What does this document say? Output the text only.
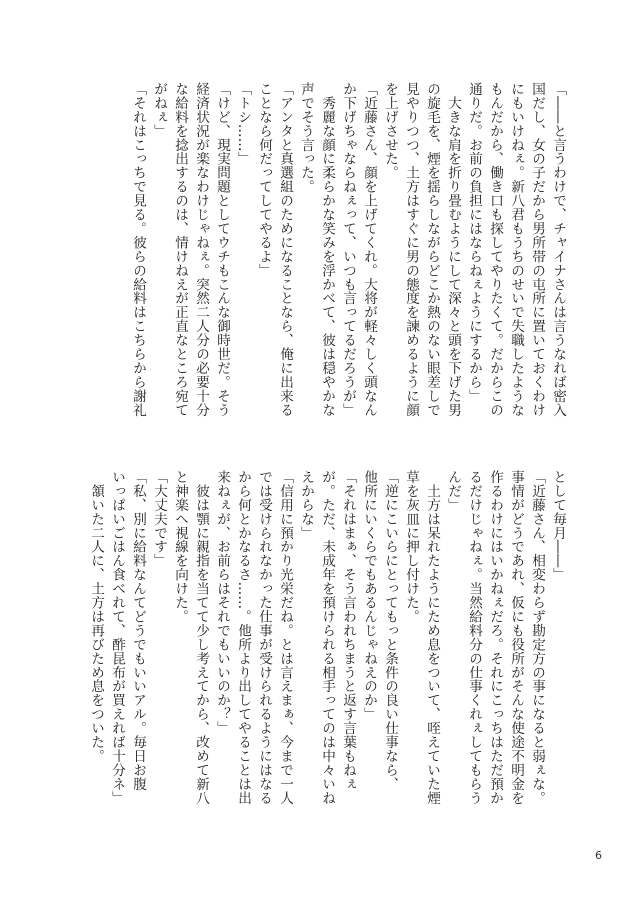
「――と言うわけで、チャイナさんは言うなれば密入
国だし、女の子だから男所帯の屯所に置いておくわけ
にもいけねぇ。新八君もうちのせいで失職したような
もんだから、働き口も探してやりたくて。だからこの
通りだ。お前の負担にはならねぇようにするから」
　大きな肩を折り畳むようにして深々と頭を下げた男
の旋毛を、煙を揺らしながらどこか熱のない眼差しで
見やりつつ、土方はすぐに男の態度を諫めるように顔
を上げさせた。
「近藤さん、顔を上げてくれ。大将が軽々しく頭なん
か下げちゃならねぇって、いつも言ってるだろうが」
　秀麗な顔に柔らかな笑みを浮かべて、彼は穏やかな
声でそう言った。
「アンタと真選組のためになることなら、俺に出来る
ことなら何だってしてやるよ」
「トシ……」
「けど、現実問題としてウチもこんな御時世だ。そう
経済状況が楽なわけじゃねぇ。突然二人分の必要十分
な給料を捻出するのは、情けねえが正直なところ宛て
がねぇ」
「それはこっちで見る。彼らの給料はこちらから謝礼
として毎月――」
「近藤さん、相変わらず勘定方の事になると弱ぇな。
事情がどうであれ、仮にも役所がそんな使途不明金を
作るわけにはいかねぇだろ。それにこっちはただ預か
るだけじゃねぇ。当然給料分の仕事くれぇしてもらう
んだ」
　土方は呆れたようにため息をついて、咥えていた煙
草を灰皿に押し付けた。
「逆にこいらにとってもっと条件の良い仕事なら、
他所にいくらでもあるんじゃねえのか」
「それはまぁ、そう言われちまうと返す言葉もねぇ
が。ただ、未成年を預けられる相手ってのは中々いね
えからな」
「信用に預かり光栄だね。とは言えまぁ、今まで一人
では受けられなかった仕事が受けられるようにはなる
から何とかなるさ……。他所より出してやることは出
来ねぇが、お前らはそれでもいいのか？」
　彼は顎に親指を当てて少し考えてから、改めて新八
と神楽へ視線を向けた。
「大丈夫です」
「私、別に給料なんてどうでもいいアル。毎日お腹
いっぱいごはん食べれて、酢昆布が買えれば十分ネ」
　頷いた二人に、土方は再びため息をついた。
6
